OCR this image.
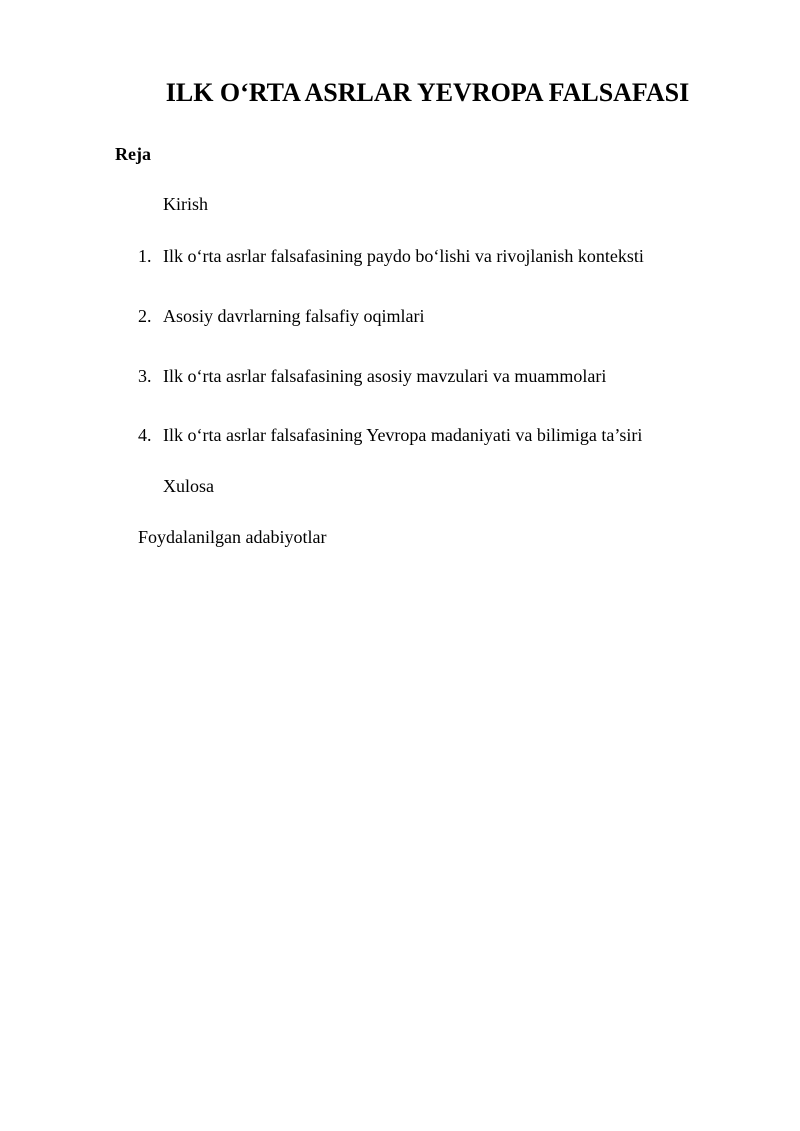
ILK O‘RTA ASRLAR YEVROPA FALSAFASI
Reja
Kirish
1. Ilk o‘rta asrlar falsafasining paydo bo‘lishi va rivojlanish konteksti
2. Asosiy davrlarning falsafiy oqimlari
3. Ilk o‘rta asrlar falsafasining asosiy mavzulari va muammolari
4. Ilk o‘rta asrlar falsafasining Yevropa madaniyati va bilimiga ta’siri
Xulosa
Foydalanilgan adabiyotlar
